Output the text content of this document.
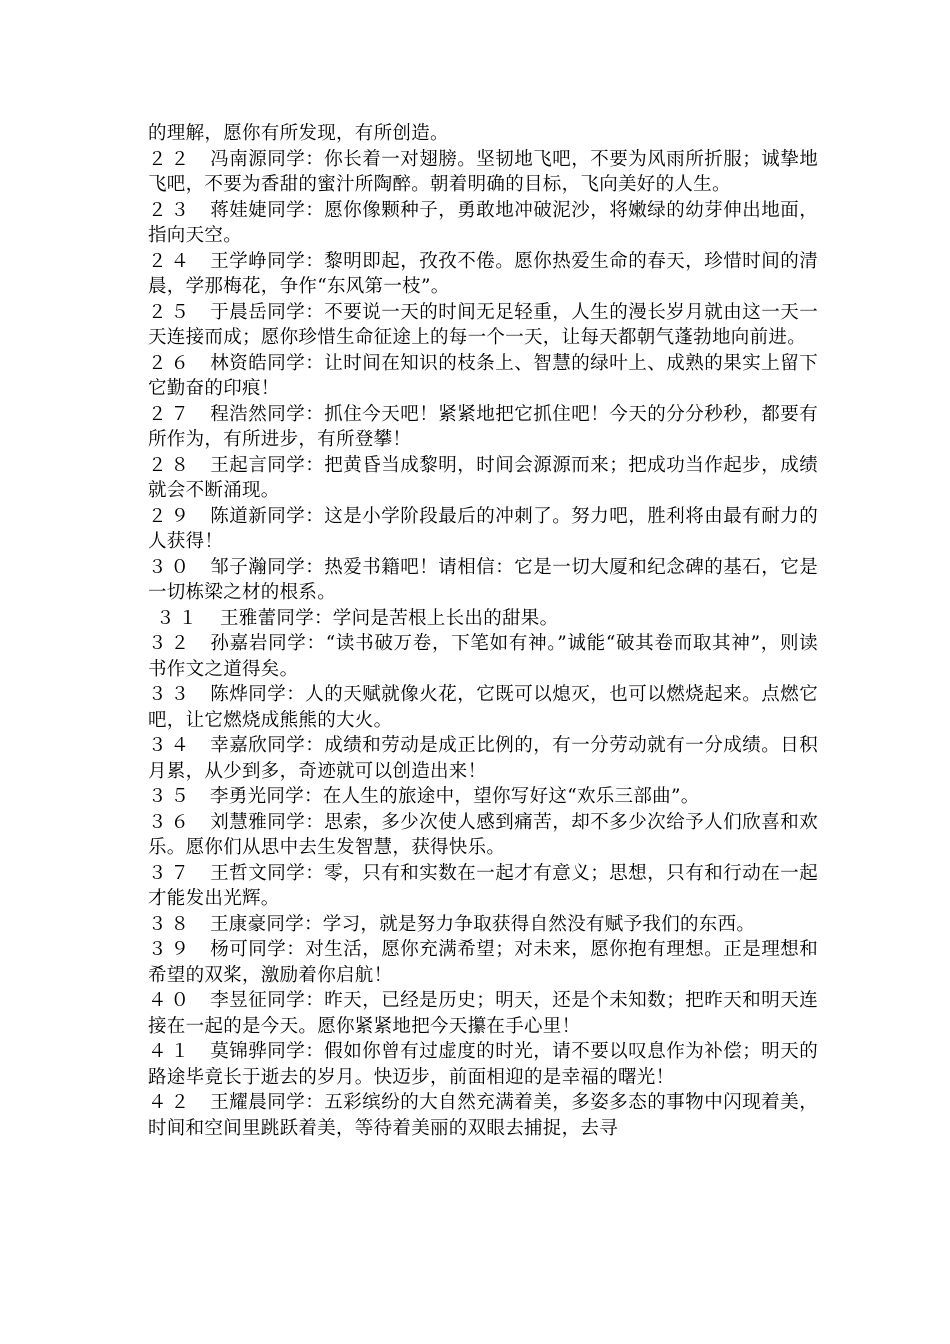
的理解，愿你有所发现，有所创造。

２２ 冯南源同学：你长着一对翅膀。坚韧地飞吧，不要为风雨所折服；诚挚地飞吧，不要为香甜的蜜汁所陶醉。朝着明确的目标，飞向美好的人生。

２３ 蒋娃婕同学：愿你像颗种子，勇敢地冲破泥沙，将嫩绿的幼芽伸出地面，指向天空。

２４ 王学峥同学：黎明即起，孜孜不倦。愿你热爱生命的春天，珍惜时间的清晨，学那梅花，争作“东风第一枝”。

２５ 于晨岳同学：不要说一天的时间无足轻重，人生的漫长岁月就由这一天一天连接而成；愿你珍惜生命征途上的每一个一天，让每天都朝气蓬勃地向前进。

２６ 林资皓同学：让时间在知识的枝条上、智慧的绿叶上、成熟的果实上留下它勤奋的印痕！

２７ 程浩然同学：抓住今天吧！紧紧地把它抓住吧！今天的分分秒秒，都要有所作为，有所进步，有所登攀！

２８ 王起言同学：把黄昏当成黎明，时间会源源而来；把成功当作起步，成绩就会不断涌现。

２９ 陈道新同学：这是小学阶段最后的冲刺了。努力吧，胜利将由最有耐力的人获得！

３０ 邹子瀚同学：热爱书籍吧！请相信：它是一切大厦和纪念碑的基石，它是一切栋梁之材的根系。

３１ 王雅蕾同学：学问是苦根上长出的甜果。

３２ 孙嘉岩同学：“读书破万卷，下笔如有神。”诚能“破其卷而取其神”，则读书作文之道得矣。

３３ 陈烨同学：人的天赋就像火花，它既可以熄灭，也可以燃烧起来。点燃它吧，让它燃烧成熊熊的大火。

３４ 幸嘉欣同学：成绩和劳动是成正比例的，有一分劳动就有一分成绩。日积月累，从少到多，奇迹就可以创造出来！

３５ 李勇光同学：在人生的旅途中，望你写好这“欢乐三部曲”。

３６ 刘慧雅同学：思索，多少次使人感到痛苦，却不多少次给予人们欣喜和欢乐。愿你们从思中去生发智慧，获得快乐。

３７ 王哲文同学：零，只有和实数在一起才有意义；思想，只有和行动在一起才能发出光辉。

３８ 王康豪同学：学习，就是努力争取获得自然没有赋予我们的东西。

３９ 杨可同学：对生活，愿你充满希望；对未来，愿你抱有理想。正是理想和希望的双桨，激励着你启航！

４０ 李昱征同学：昨天，已经是历史；明天，还是个未知数；把昨天和明天连接在一起的是今天。愿你紧紧地把今天攥在手心里！

４１ 莫锦骅同学：假如你曾有过虚度的时光，请不要以叹息作为补偿；明天的路途毕竟长于逝去的岁月。快迈步，前面相迎的是幸福的曙光！

４２ 王耀晨同学：五彩缤纷的大自然充满着美，多姿多态的事物中闪现着美，时间和空间里跳跃着美，等待着美丽的双眼去捕捉，去寻
